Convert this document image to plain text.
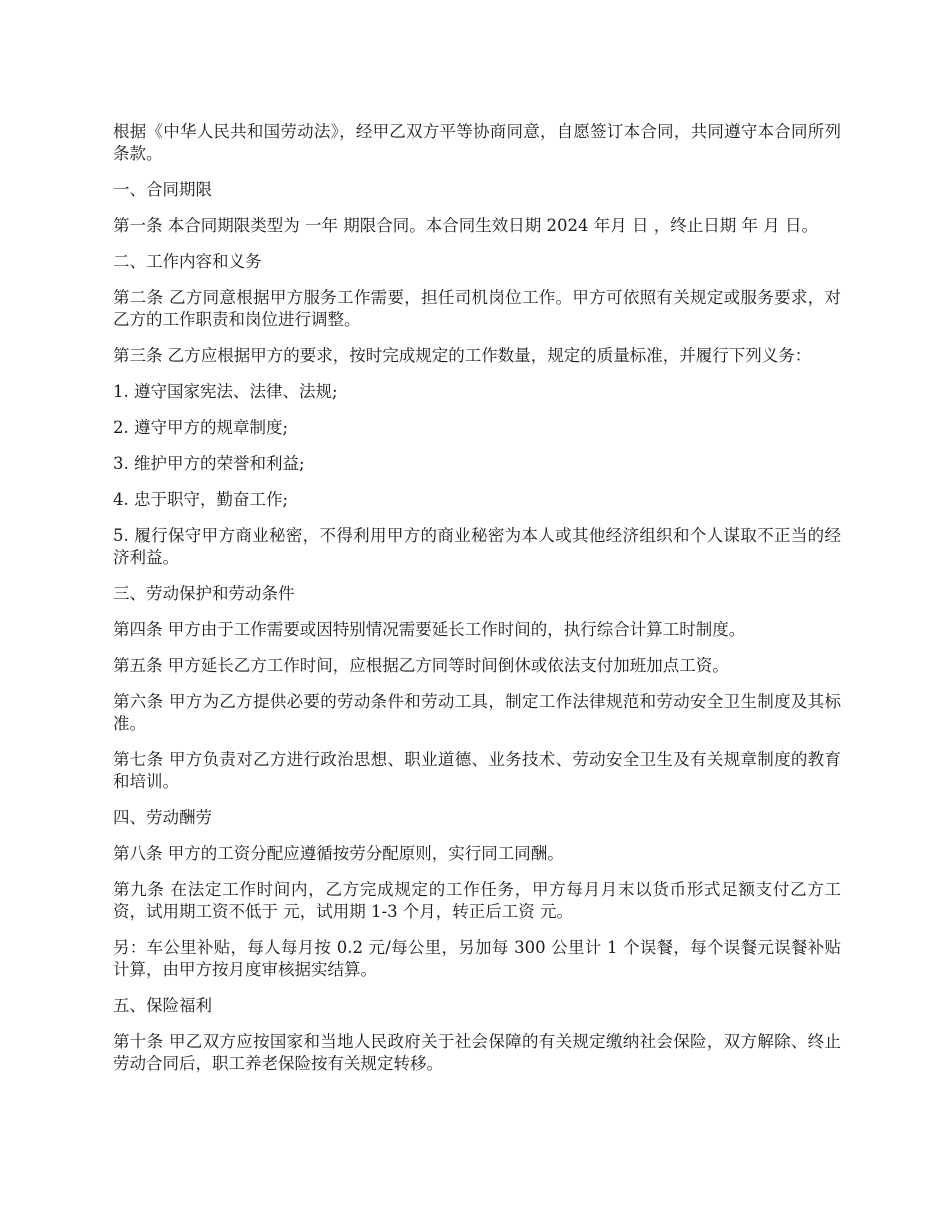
根据《中华人民共和国劳动法》，经甲乙双方平等协商同意，自愿签订本合同，共同遵守本合同所列条款。

一、合同期限

第一条 本合同期限类型为 一年 期限合同。本合同生效日期 2024 年月 日 ，终止日期 年 月 日。

二、工作内容和义务

第二条 乙方同意根据甲方服务工作需要，担任司机岗位工作。甲方可依照有关规定或服务要求，对乙方的工作职责和岗位进行调整。

第三条 乙方应根据甲方的要求，按时完成规定的工作数量，规定的质量标准，并履行下列义务：

1. 遵守国家宪法、法律、法规;

2. 遵守甲方的规章制度;

3. 维护甲方的荣誉和利益;

4. 忠于职守，勤奋工作;

5. 履行保守甲方商业秘密，不得利用甲方的商业秘密为本人或其他经济组织和个人谋取不正当的经济利益。

三、劳动保护和劳动条件

第四条 甲方由于工作需要或因特别情况需要延长工作时间的，执行综合计算工时制度。

第五条 甲方延长乙方工作时间，应根据乙方同等时间倒休或依法支付加班加点工资。

第六条 甲方为乙方提供必要的劳动条件和劳动工具，制定工作法律规范和劳动安全卫生制度及其标准。

第七条 甲方负责对乙方进行政治思想、职业道德、业务技术、劳动安全卫生及有关规章制度的教育和培训。

四、劳动酬劳

第八条 甲方的工资分配应遵循按劳分配原则，实行同工同酬。

第九条 在法定工作时间内，乙方完成规定的工作任务，甲方每月月末以货币形式足额支付乙方工资，试用期工资不低于 元，试用期 1-3 个月，转正后工资 元。

另：车公里补贴，每人每月按 0.2 元/每公里，另加每 300 公里计 1 个误餐，每个误餐元误餐补贴计算，由甲方按月度审核据实结算。

五、保险福利

第十条 甲乙双方应按国家和当地人民政府关于社会保障的有关规定缴纳社会保险，双方解除、终止劳动合同后，职工养老保险按有关规定转移。
